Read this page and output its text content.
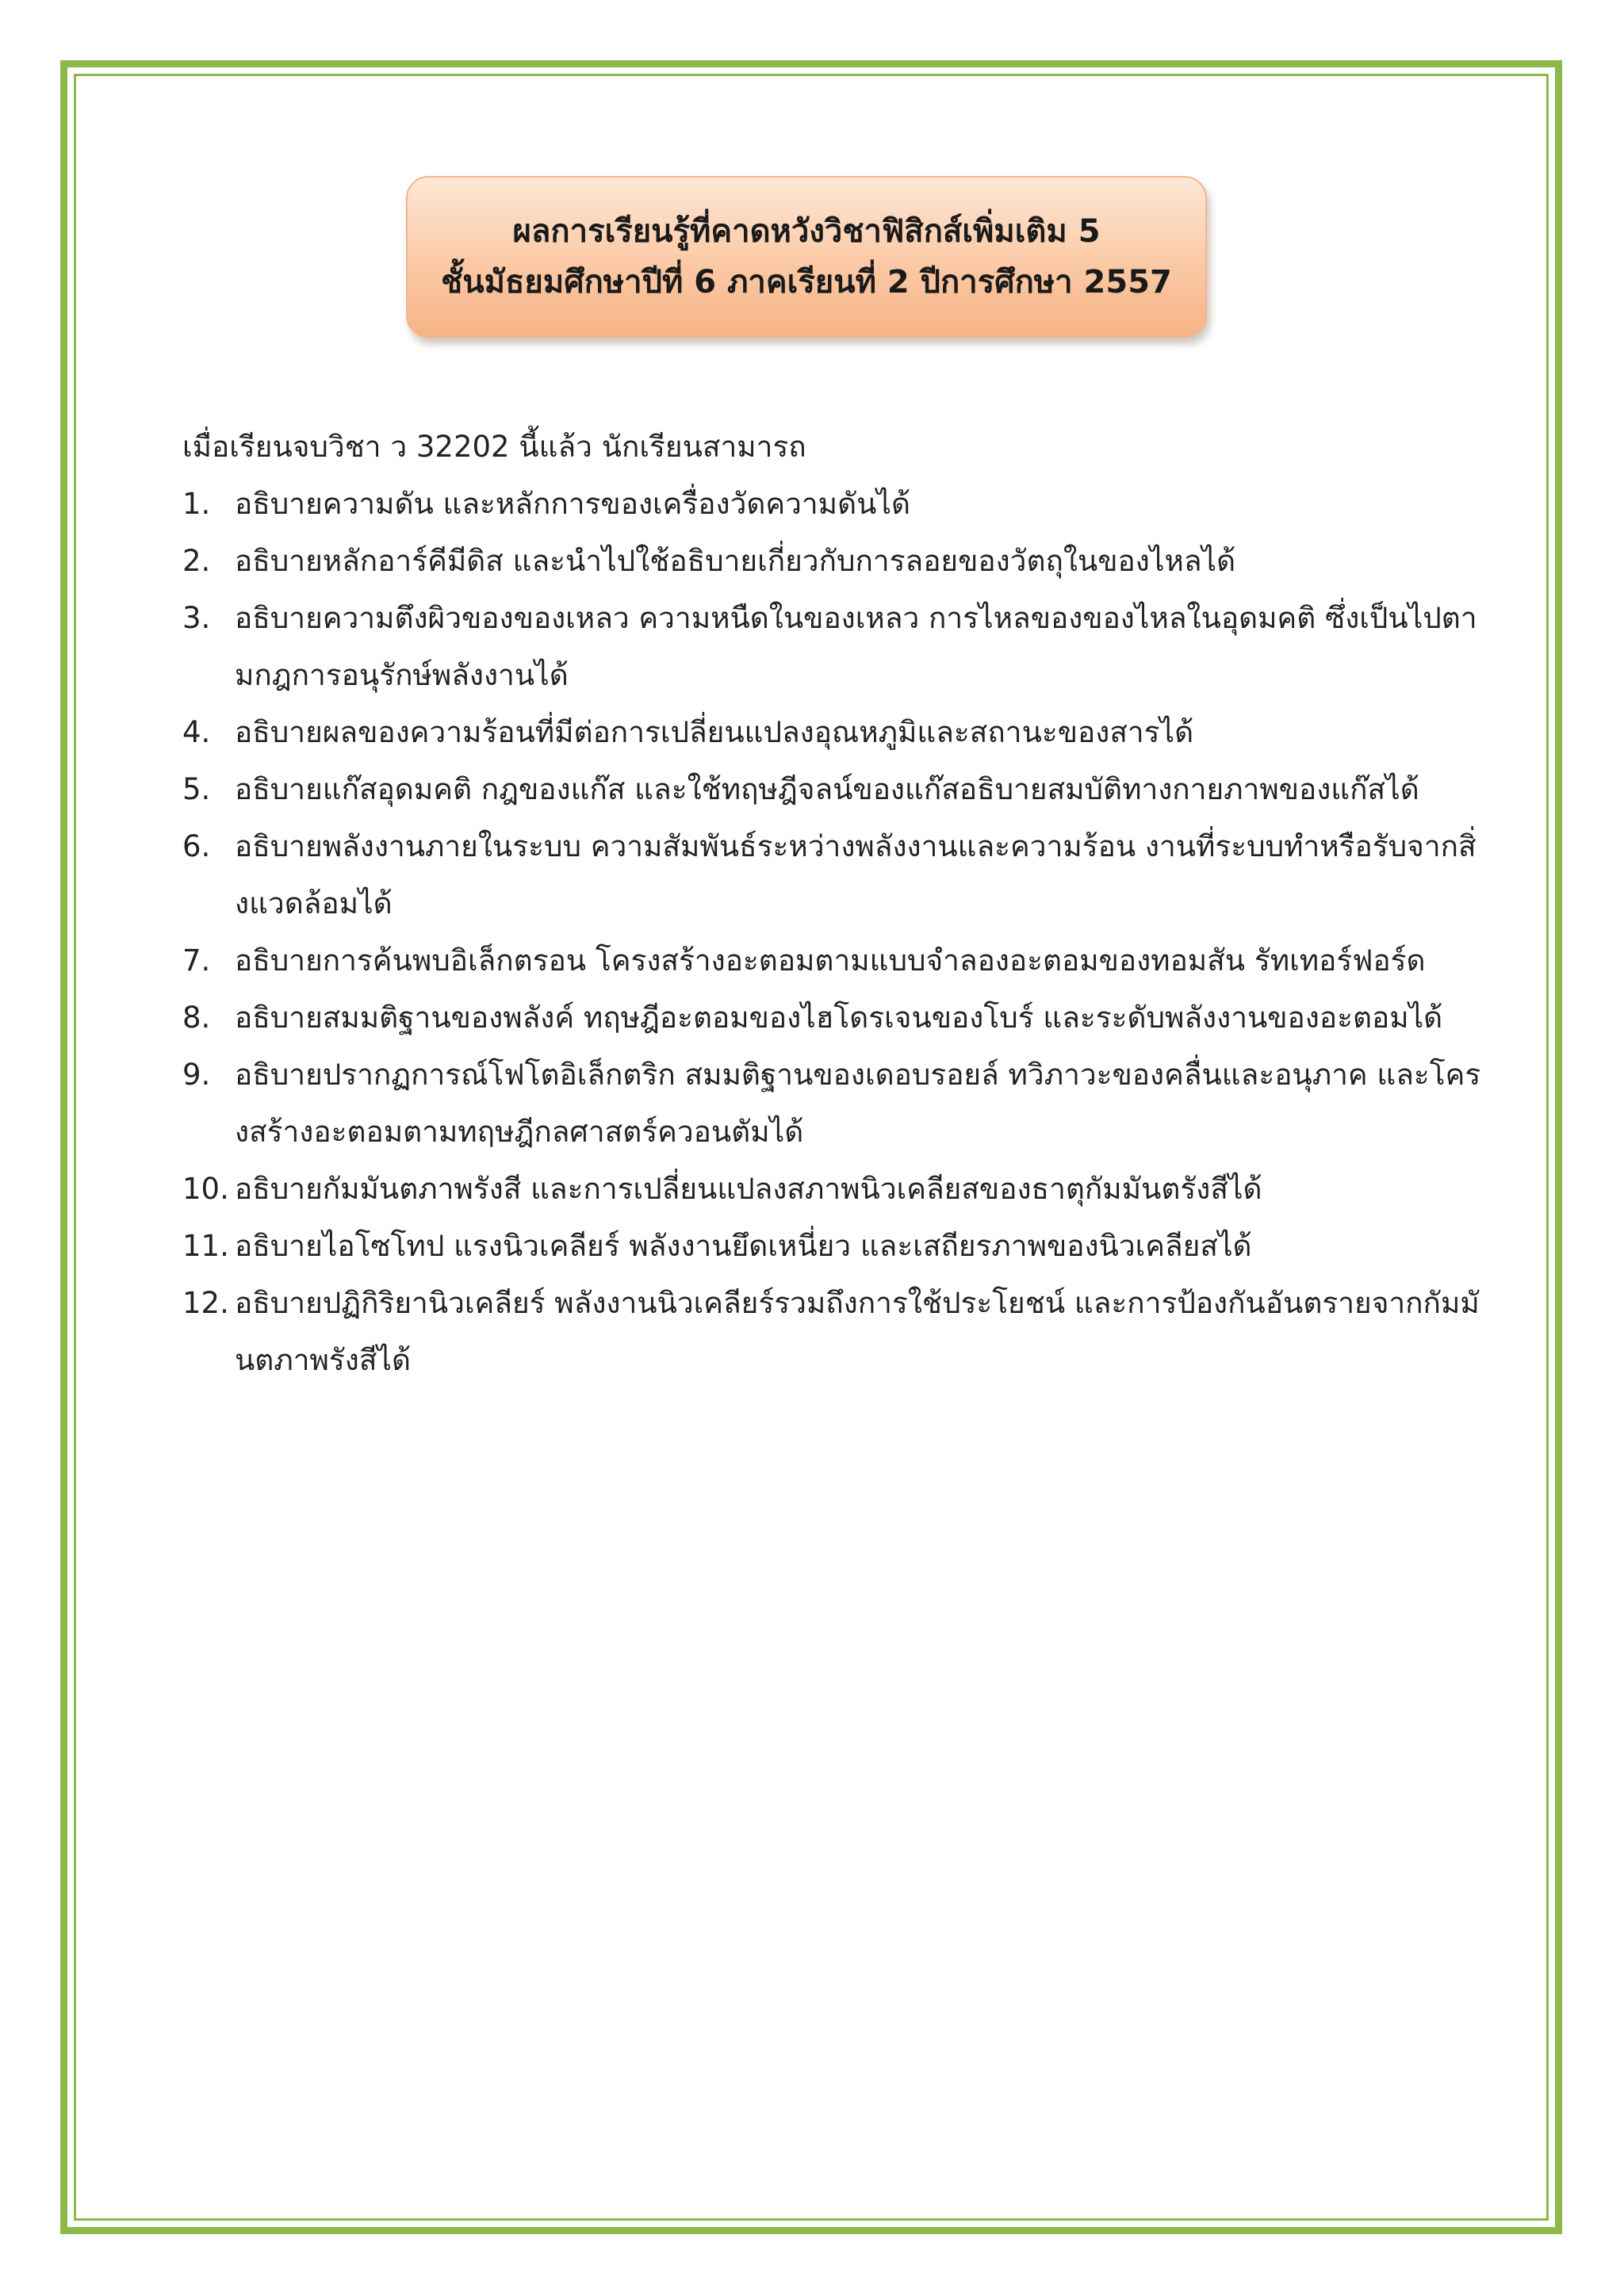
ผลการเรียนรู้ที่คาดหวังวิชาฟิสิกส์เพิ่มเติม 5
ชั้นมัธยมศึกษาปีที่ 6 ภาคเรียนที่ 2 ปีการศึกษา 2557
เมื่อเรียนจบวิชา ว 32202 นี้แล้ว นักเรียนสามารถ
1. อธิบายความดัน และหลักการของเครื่องวัดความดันได้
2. อธิบายหลักอาร์คีมีดิส และนำไปใช้อธิบายเกี่ยวกับการลอยของวัตถุในของไหลได้
3. อธิบายความตึงผิวของของเหลว ความหนืดในของเหลว การไหลของของไหลในอุดมคติ ซึ่งเป็นไปตามกฎการอนุรักษ์พลังงานได้
4. อธิบายผลของความร้อนที่มีต่อการเปลี่ยนแปลงอุณหภูมิและสถานะของสารได้
5. อธิบายแก๊สอุดมคติ กฎของแก๊ส และใช้ทฤษฎีจลน์ของแก๊สอธิบายสมบัติทางกายภาพของแก๊สได้
6. อธิบายพลังงานภายในระบบ ความสัมพันธ์ระหว่างพลังงานและความร้อน งานที่ระบบทำหรือรับจากสิ่งแวดล้อมได้
7. อธิบายการค้นพบอิเล็กตรอน โครงสร้างอะตอมตามแบบจำลองอะตอมของทอมสัน รัทเทอร์ฟอร์ด
8. อธิบายสมมติฐานของพลังค์ ทฤษฎีอะตอมของไฮโดรเจนของโบร์ และระดับพลังงานของอะตอมได้
9. อธิบายปรากฏการณ์โฟโตอิเล็กตริก สมมติฐานของเดอบรอยล์ ทวิภาวะของคลื่นและอนุภาค และโครงสร้างอะตอมตามทฤษฎีกลศาสตร์ควอนตัมได้
10. อธิบายกัมมันตภาพรังสี และการเปลี่ยนแปลงสภาพนิวเคลียสของธาตุกัมมันตรังสีได้
11. อธิบายไอโซโทป แรงนิวเคลียร์ พลังงานยึดเหนี่ยว และเสถียรภาพของนิวเคลียสได้
12. อธิบายปฏิกิริยานิวเคลียร์ พลังงานนิวเคลียร์รวมถึงการใช้ประโยชน์ และการป้องกันอันตรายจากกัมมันตภาพรังสีได้
